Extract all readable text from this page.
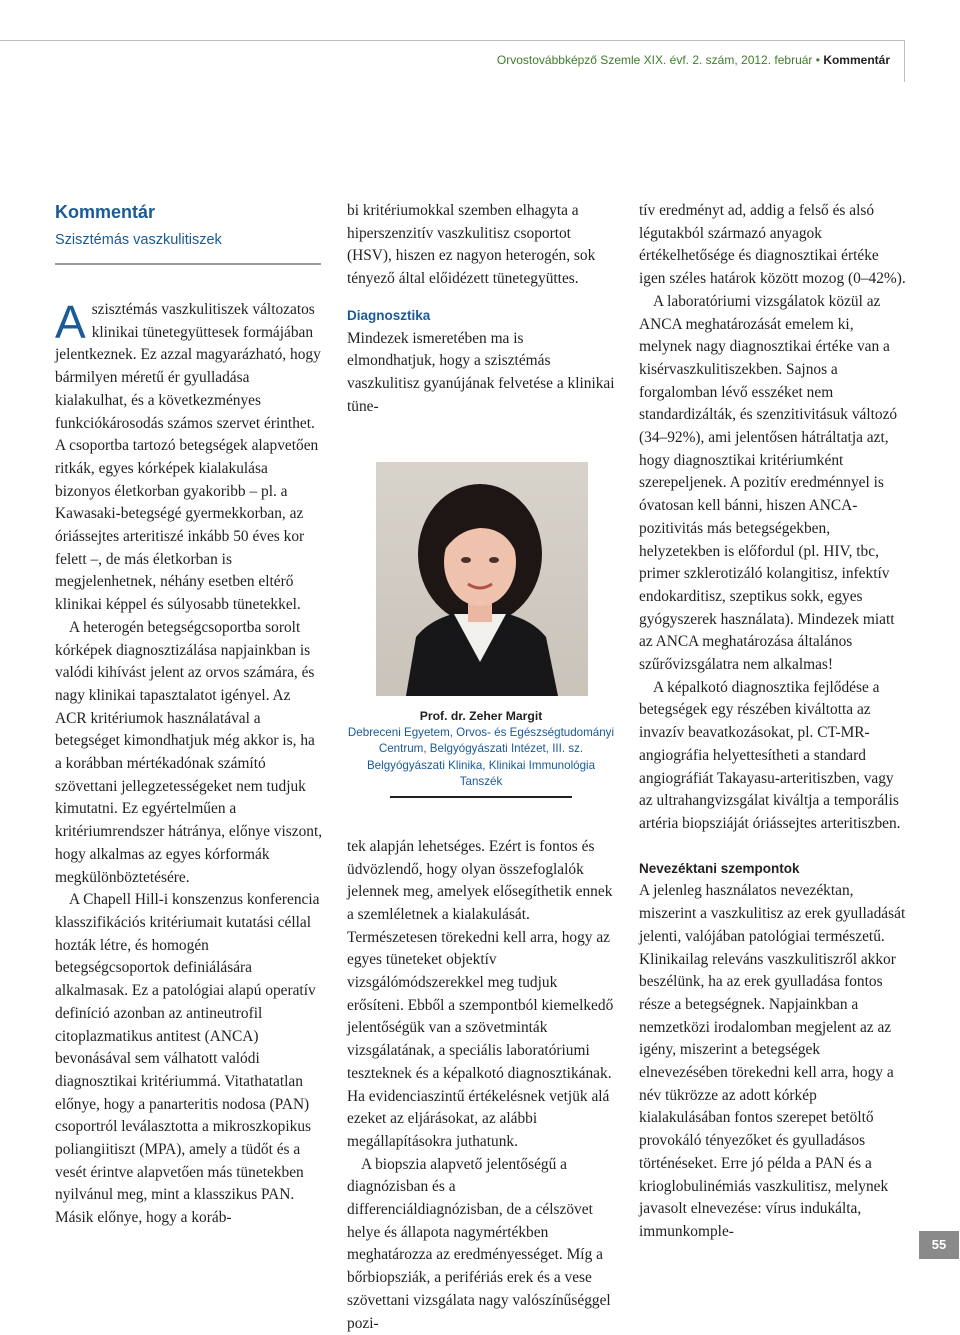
Orvostovábbképző Szemle XIX. évf. 2. szám, 2012. február • Kommentár
Kommentár
Szisztémás vaszkulitiszek

Aszisztémás vaszkulitiszek változatos klinikai tünetegyüttesek formájában jelentkeznek. Ez azzal magyarázható, hogy bármilyen méretű ér gyulladása kialakulhat, és a következményes funkciókárosodás számos szervet érinthet. A csoportba tartozó betegségek alapvetően ritkák, egyes kórképek kialakulása bizonyos életkorban gyakoribb – pl. a Kawasaki-betegségé gyermekkorban, az óriássejtes arteritiszé inkább 50 éves kor felett –, de más életkorban is megjelenhetnek, néhány esetben eltérő klinikai képpel és súlyosabb tünetekkel.

A heterogén betegségcsoportba sorolt kórképek diagnosztizálása napjainkban is valódi kihívást jelent az orvos számára, és nagy klinikai tapasztalatot igényel. Az ACR kritériumok használatával a betegséget kimondhatjuk még akkor is, ha a korábban mértékadónak számító szövettani jellegzetességeket nem tudjuk kimutatni. Ez egyértelműen a kritériumrendszer hátránya, előnye viszont, hogy alkalmas az egyes kórformák megkülönböztetésére.

A Chapell Hill-i konszenzus konferencia klasszifikációs kritériumait kutatási céllal hozták létre, és homogén betegségcsoportok definiálására alkalmasak. Ez a patológiai alapú operatív definíció azonban az antineutrofil citoplazmatikus antitest (ANCA) bevonásával sem válhatott valódi diagnosztikai kritériummá. Vitathatatlan előnye, hogy a panarteritis nodosa (PAN) csoportról leválasztotta a mikroszkopikus poliangiitiszt (MPA), amely a tüdőt és a vesét érintve alapvetően más tünetekben nyilvánul meg, mint a klasszikus PAN. Másik előnye, hogy a koráb-

bi kritériumokkal szemben elhagyta a hiperszenzitív vaszkulitisz csoportot (HSV), hiszen ez nagyon heterogén, sok tényező által előidézett tünetegyüttes.

Diagnosztika

Mindezek ismeretében ma is elmondhatjuk, hogy a szisztémás vaszkulitisz gyanújának felvetése a klinikai tüne-

Prof. dr. Zeher Margit
Debreceni Egyetem, Orvos- és Egészségtudományi Centrum, Belgyógyászati Intézet, III. sz. Belgyógyászati Klinika, Klinikai Immunológia Tanszék

tek alapján lehetséges. Ezért is fontos és üdvözlendő, hogy olyan összefoglalók jelennek meg, amelyek elősegíthetik ennek a szemléletnek a kialakulását. Természetesen törekedni kell arra, hogy az egyes tüneteket objektív vizsgálómódszerekkel meg tudjuk erősíteni. Ebből a szempontból kiemelkedő jelentőségük van a szövetminták vizsgálatának, a speciális laboratóriumi teszteknek és a képalkotó diagnosztikának. Ha evidenciaszintű értékelésnek vetjük alá ezeket az eljárásokat, az alábbi megállapításokra juthatunk.

A biopszia alapvető jelentőségű a diagnózisban és a differenciáldiagnózisban, de a célszövet helye és állapota nagymértékben meghatározza az eredményességet. Míg a bőrbiopsziák, a perifériás erek és a vese szövettani vizsgálata nagy valószínűséggel pozi-

tív eredményt ad, addig a felső és alsó légutakból származó anyagok értékelhetősége és diagnosztikai értéke igen széles határok között mozog (0–42%).

A laboratóriumi vizsgálatok közül az ANCA meghatározását emelem ki, melynek nagy diagnosztikai értéke van a kisérvaszkulitiszekben. Sajnos a forgalomban lévő esszéket nem standardizálták, és szenzitivitásuk változó (34–92%), ami jelentősen hátráltatja azt, hogy diagnosztikai kritériumként szerepeljenek. A pozitív eredménnyel is óvatosan kell bánni, hiszen ANCA-pozitivitás más betegségekben, helyzetekben is előfordul (pl. HIV, tbc, primer szklerotizáló kolangitisz, infektív endokarditisz, szeptikus sokk, egyes gyógyszerek használata). Mindezek miatt az ANCA meghatározása általános szűrővizsgálatra nem alkalmas!

A képalkotó diagnosztika fejlődése a betegségek egy részében kiváltotta az invazív beavatkozásokat, pl. CT-MR-angiográfia helyettesítheti a standard angiográfiát Takayasu-arteritiszben, vagy az ultrahangvizsgálat kiváltja a temporális artéria biopsziáját óriássejtes arteritiszben.

Nevezéktani szempontok

A jelenleg használatos nevezéktan, miszerint a vaszkulitisz az erek gyulladását jelenti, valójában patológiai természetű. Klinikailag releváns vaszkulitiszről akkor beszélünk, ha az erek gyulladása fontos része a betegségnek. Napjainkban a nemzetközi irodalomban megjelent az az igény, miszerint a betegségek elnevezésében törekedni kell arra, hogy a név tükrözze az adott kórkép kialakulásában fontos szerepet betöltő provokáló tényezőket és gyulladásos történéseket. Erre jó példa a PAN és a krioglobulinémiás vaszkulitisz, melynek javasolt elnevezése: vírus indukálta, immunkomple-

55
